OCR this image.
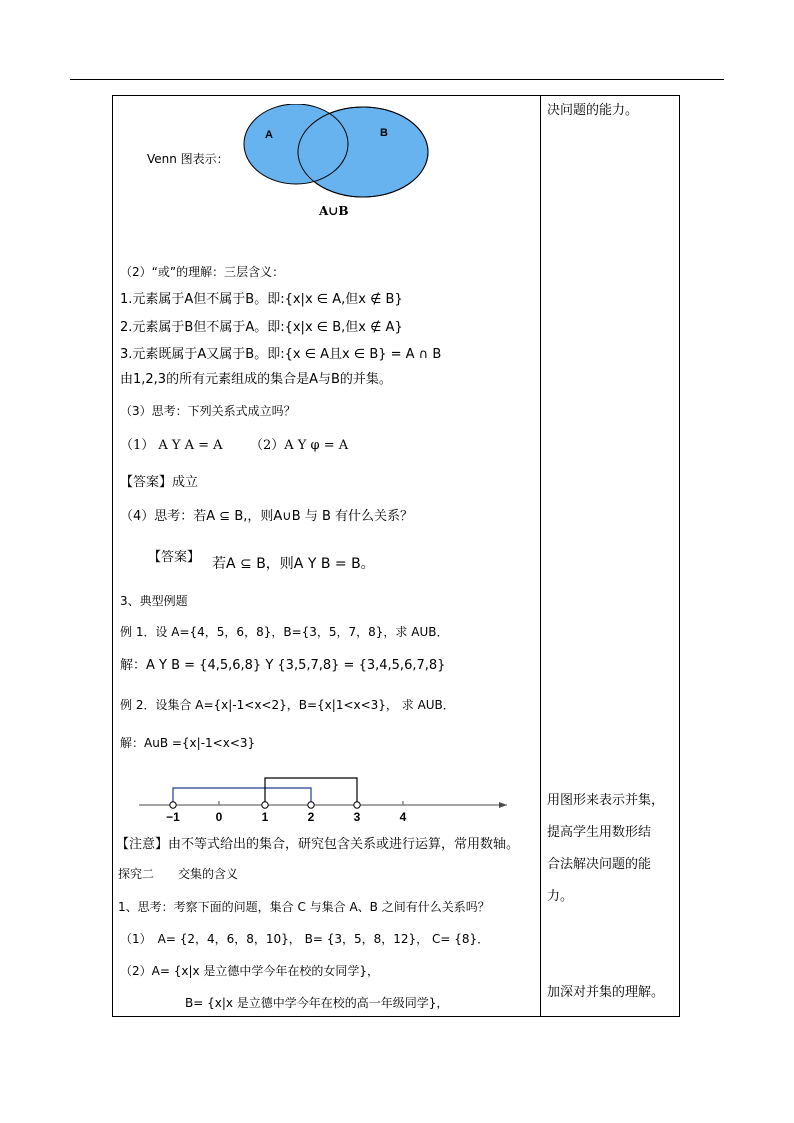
Venn 图表示：
A	B
A∪B
（2）“或”的理解：三层含义：
1.元素属于A但不属于B。即:{x|x ∈ A,但x ∉ B}
2.元素属于B但不属于A。即:{x|x ∈ B,但x ∉ A}
3.元素既属于A又属于B。即:{x ∈ A且x ∈ B} = A ∩ B
由1,2,3的所有元素组成的集合是A与B的并集。
（3）思考：下列关系式成立吗？
（1） A Y A = A （2）A Y φ = A
【答案】成立
（4）思考：若A ⊆ B,，则A∪B 与 B 有什么关系？
【答案】 若A ⊆ B，则A Y B = B。
3、典型例题
例 1．设 A={4，5，6，8}，B={3，5，7，8}，求 AUB．
解：A Y B = {4,5,6,8} Y {3,5,7,8} = {3,4,5,6,7,8}
例 2．设集合 A={x|-1<x<2}，B={x|1<x<3}， 求 AUB．
解：AuB ={x|-1<x<3}
−1	0	1	2	3	4
【注意】由不等式给出的集合，研究包含关系或进行运算，常用数轴。
探究二　　交集的含义
1、思考：考察下面的问题，集合 C 与集合 A、B 之间有什么关系吗？
（1）　A= {2，4，6，8，10}， B= {3，5，8，12}， C= {8}．
（2）A= {x|x 是立德中学今年在校的女同学}，
B= {x|x 是立德中学今年在校的高一年级同学}，
决问题的能力。
用图形来表示并集，
提高学生用数形结
合法解决问题的能
力。
加深对并集的理解。
